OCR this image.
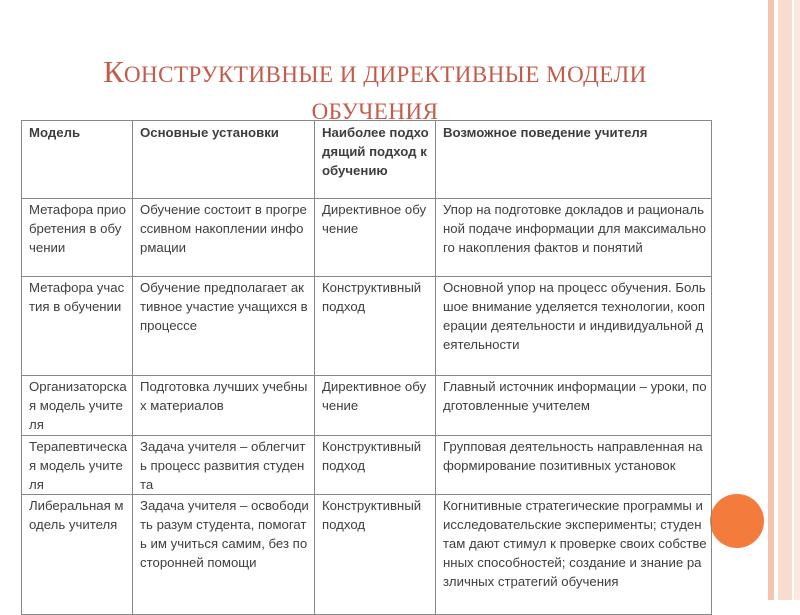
КОНСТРУКТИВНЫЕ И ДИРЕКТИВНЫЕ МОДЕЛИ
ОБУЧЕНИЯ
Модель	Основные установки	Наиболее подходящий подход к обучению	Возможное поведение учителя
Метафора приобретения в обучении	Обучение состоит в прогрессивном накоплении информации	Директивное обучение	Упор на подготовке докладов и рациональной подаче информации для максимального накопления фактов и понятий
Метафора участия в обучении	Обучение предполагает активное участие учащихся в процессе	Конструктивный подход	Основной упор на процесс обучения. Большое внимание уделяется технологии, кооперации деятельности и индивидуальной деятельности
Организаторская модель учителя	Подготовка лучших учебных материалов	Директивное обучение	Главный источник информации – уроки, подготовленные учителем
Терапевтическая модель учителя	Задача учителя – облегчить процесс развития студента	Конструктивный подход	Групповая деятельность направленная на формирование позитивных установок
Либеральная модель учителя	Задача учителя – освободить разум студента, помогать им учиться самим, без посторонней помощи	Конструктивный подход	Когнитивные стратегические программы и исследовательские эксперименты; студентам дают стимул к проверке своих собственных способностей; создание и знание различных стратегий обучения
